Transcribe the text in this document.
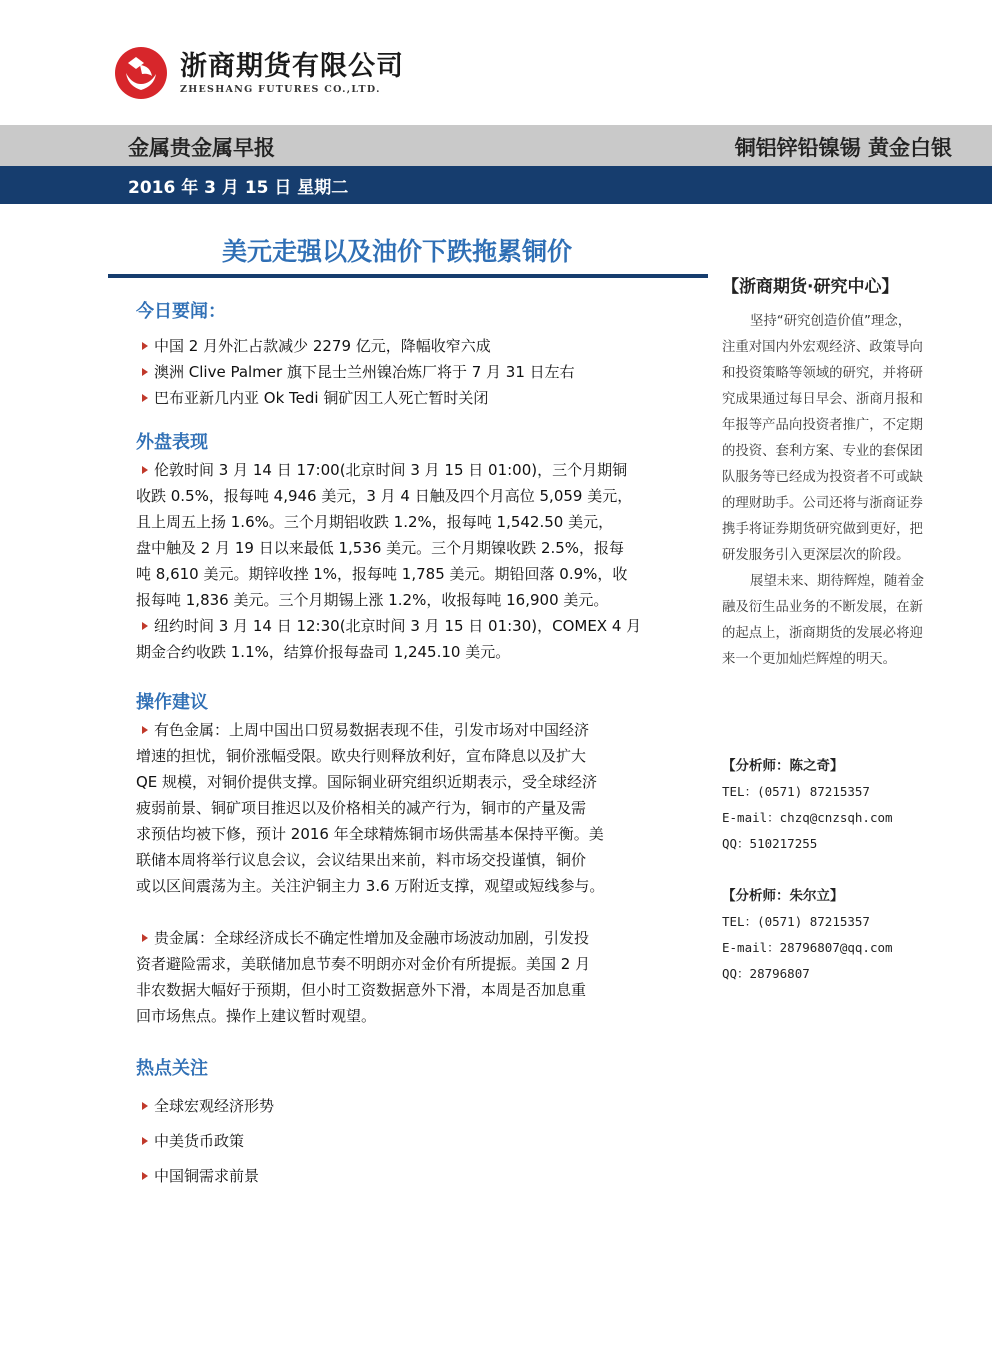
浙商期货有限公司
ZHESHANG FUTURES CO.,LTD.
金属贵金属早报	铜铝锌铅镍锡 黄金白银
2016 年 3 月 15 日 星期二
美元走强以及油价下跌拖累铜价

今日要闻：

中国 2 月外汇占款减少 2279 亿元，降幅收窄六成

澳洲 Clive Palmer 旗下昆士兰州镍冶炼厂将于 7 月 31 日左右

巴布亚新几内亚 Ok Tedi 铜矿因工人死亡暂时关闭

外盘表现

伦敦时间 3 月 14 日 17:00(北京时间 3 月 15 日 01:00)，三个月期铜

收跌 0.5%，报每吨 4,946 美元，3 月 4 日触及四个月高位 5,059 美元，

且上周五上扬 1.6%。三个月期铝收跌 1.2%，报每吨 1,542.50 美元，

盘中触及 2 月 19 日以来最低 1,536 美元。三个月期镍收跌 2.5%，报每

吨 8,610 美元。期锌收挫 1%，报每吨 1,785 美元。期铅回落 0.9%，收

报每吨 1,836 美元。三个月期锡上涨 1.2%，收报每吨 16,900 美元。

纽约时间 3 月 14 日 12:30(北京时间 3 月 15 日 01:30)，COMEX 4 月

期金合约收跌 1.1%，结算价报每盎司 1,245.10 美元。

操作建议

有色金属：上周中国出口贸易数据表现不佳，引发市场对中国经济

增速的担忧，铜价涨幅受限。欧央行则释放利好，宣布降息以及扩大

QE 规模，对铜价提供支撑。国际铜业研究组织近期表示，受全球经济

疲弱前景、铜矿项目推迟以及价格相关的减产行为，铜市的产量及需

求预估均被下修，预计 2016 年全球精炼铜市场供需基本保持平衡。美

联储本周将举行议息会议，会议结果出来前，料市场交投谨慎，铜价

或以区间震荡为主。关注沪铜主力 3.6 万附近支撑，观望或短线参与。

贵金属：全球经济成长不确定性增加及金融市场波动加剧，引发投

资者避险需求，美联储加息节奏不明朗亦对金价有所提振。美国 2 月

非农数据大幅好于预期，但小时工资数据意外下滑，本周是否加息重

回市场焦点。操作上建议暂时观望。

热点关注

全球宏观经济形势

中美货币政策

中国铜需求前景

【浙商期货·研究中心】

坚持“研究创造价值”理念，

注重对国内外宏观经济、政策导向

和投资策略等领域的研究，并将研

究成果通过每日早会、浙商月报和

年报等产品向投资者推广，不定期

的投资、套利方案、专业的套保团

队服务等已经成为投资者不可或缺

的理财助手。公司还将与浙商证券

携手将证券期货研究做到更好，把

研发服务引入更深层次的阶段。

展望未来、期待辉煌，随着金

融及衍生品业务的不断发展，在新

的起点上，浙商期货的发展必将迎

来一个更加灿烂辉煌的明天。

【分析师：陈之奇】

TEL：(0571) 87215357

E-mail：chzq@cnzsqh.com

QQ：510217255

【分析师：朱尔立】

TEL：(0571) 87215357

E-mail：28796807@qq.com

QQ：28796807
